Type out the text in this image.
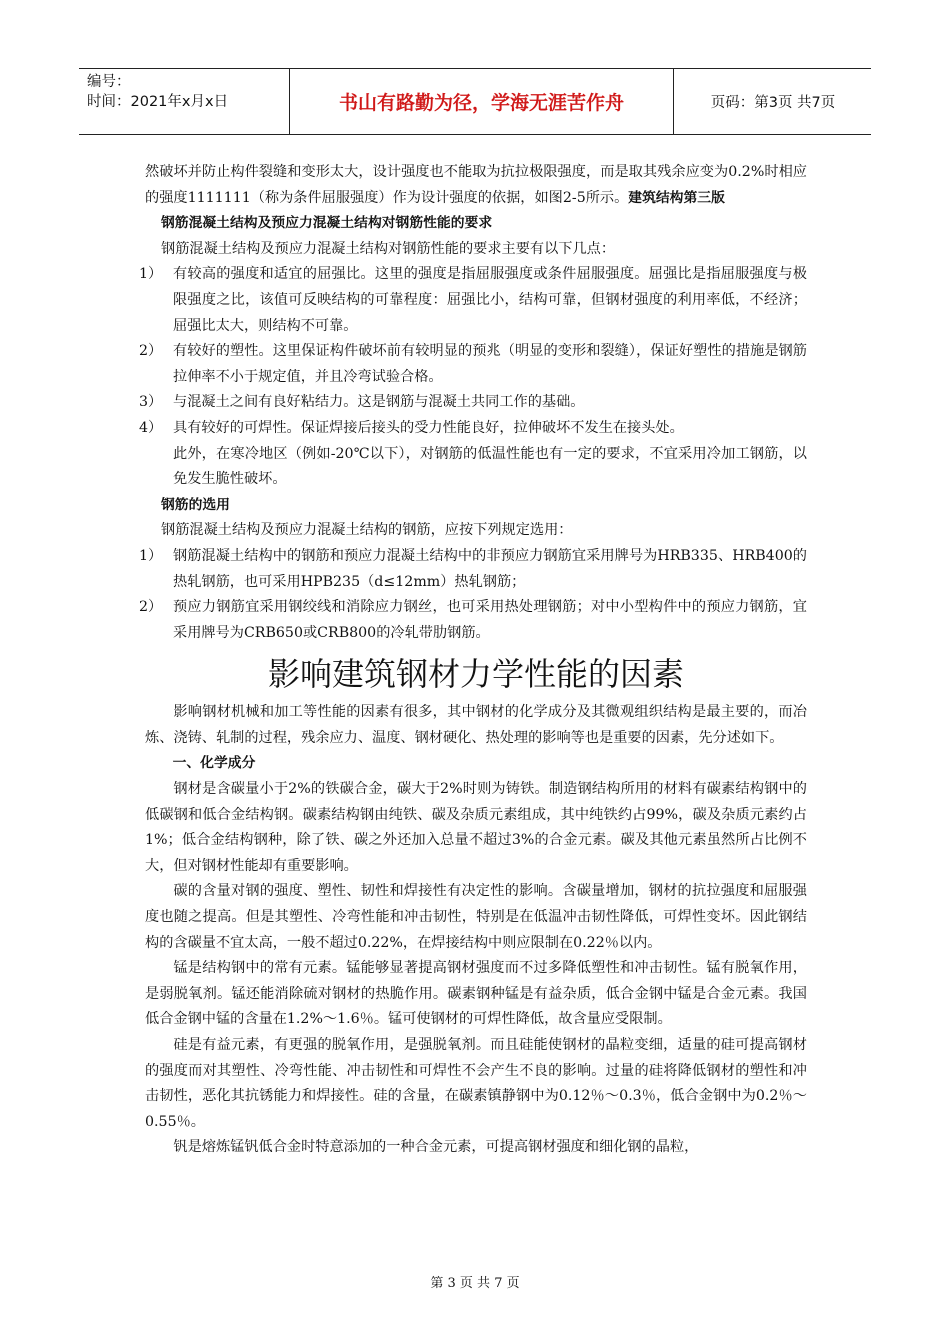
编号：
时间：2021年x月x日	书山有路勤为径，学海无涯苦作舟	页码：第3页 共7页

然破坏并防止构件裂缝和变形太大，设计强度也不能取为抗拉极限强度，而是取其残余应变为0.2%时相应的强度1111111（称为条件屈服强度）作为设计强度的依据，如图2-5所示。建筑结构第三版

钢筋混凝土结构及预应力混凝土结构对钢筋性能的要求

钢筋混凝土结构及预应力混凝土结构对钢筋性能的要求主要有以下几点：

1） 有较高的强度和适宜的屈强比。这里的强度是指屈服强度或条件屈服强度。屈强比是指屈服强度与极限强度之比，该值可反映结构的可靠程度：屈强比小，结构可靠，但钢材强度的利用率低，不经济；屈强比太大，则结构不可靠。

2） 有较好的塑性。这里保证构件破坏前有较明显的预兆（明显的变形和裂缝），保证好塑性的措施是钢筋拉伸率不小于规定值，并且冷弯试验合格。

3） 与混凝土之间有良好粘结力。这是钢筋与混凝土共同工作的基础。

4） 具有较好的可焊性。保证焊接后接头的受力性能良好，拉伸破坏不发生在接头处。

此外，在寒冷地区（例如-20℃以下），对钢筋的低温性能也有一定的要求，不宜采用冷加工钢筋，以免发生脆性破坏。

钢筋的选用

钢筋混凝土结构及预应力混凝土结构的钢筋，应按下列规定选用：

1） 钢筋混凝土结构中的钢筋和预应力混凝土结构中的非预应力钢筋宜采用牌号为HRB335、HRB400的热轧钢筋，也可采用HPB235（d≤12mm）热轧钢筋；

2） 预应力钢筋宜采用钢绞线和消除应力钢丝，也可采用热处理钢筋；对中小型构件中的预应力钢筋，宜采用牌号为CRB650或CRB800的冷轧带肋钢筋。

影响建筑钢材力学性能的因素

影响钢材机械和加工等性能的因素有很多，其中钢材的化学成分及其微观组织结构是最主要的，而冶炼、浇铸、轧制的过程，残余应力、温度、钢材硬化、热处理的影响等也是重要的因素，先分述如下。

一、化学成分

钢材是含碳量小于2%的铁碳合金，碳大于2%时则为铸铁。制造钢结构所用的材料有碳素结构钢中的低碳钢和低合金结构钢。碳素结构钢由纯铁、碳及杂质元素组成，其中纯铁约占99%，碳及杂质元素约占1%；低合金结构钢种，除了铁、碳之外还加入总量不超过3%的合金元素。碳及其他元素虽然所占比例不大，但对钢材性能却有重要影响。

碳的含量对钢的强度、塑性、韧性和焊接性有决定性的影响。含碳量增加，钢材的抗拉强度和屈服强度也随之提高。但是其塑性、冷弯性能和冲击韧性，特别是在低温冲击韧性降低，可焊性变坏。因此钢结构的含碳量不宜太高，一般不超过0.22%，在焊接结构中则应限制在0.22％以内。

锰是结构钢中的常有元素。锰能够显著提高钢材强度而不过多降低塑性和冲击韧性。锰有脱氧作用，是弱脱氧剂。锰还能消除硫对钢材的热脆作用。碳素钢种锰是有益杂质，低合金钢中锰是合金元素。我国低合金钢中锰的含量在1.2%～1.6％。锰可使钢材的可焊性降低，故含量应受限制。

硅是有益元素，有更强的脱氧作用，是强脱氧剂。而且硅能使钢材的晶粒变细，适量的硅可提高钢材的强度而对其塑性、冷弯性能、冲击韧性和可焊性不会产生不良的影响。过量的硅将降低钢材的塑性和冲击韧性，恶化其抗锈能力和焊接性。硅的含量，在碳素镇静钢中为0.12％～0.3％，低合金钢中为0.2％～0.55％。

钒是熔炼锰钒低合金时特意添加的一种合金元素，可提高钢材强度和细化钢的晶粒，

第 3 页 共 7 页
